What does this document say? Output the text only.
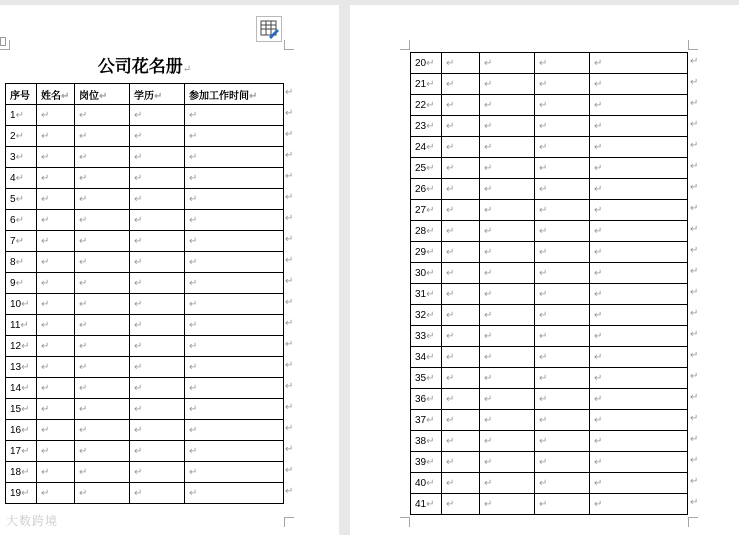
公司花名册↵
序号	姓名↵	岗位↵	学历↵	参加工作时间↵
1↵	↵	↵	↵	↵
2↵	↵	↵	↵	↵
3↵	↵	↵	↵	↵
4↵	↵	↵	↵	↵
5↵	↵	↵	↵	↵
6↵	↵	↵	↵	↵
7↵	↵	↵	↵	↵
8↵	↵	↵	↵	↵
9↵	↵	↵	↵	↵
10↵	↵	↵	↵	↵
11↵	↵	↵	↵	↵
12↵	↵	↵	↵	↵
13↵	↵	↵	↵	↵
14↵	↵	↵	↵	↵
15↵	↵	↵	↵	↵
16↵	↵	↵	↵	↵
17↵	↵	↵	↵	↵
18↵	↵	↵	↵	↵
19↵	↵	↵	↵	↵
20↵	↵	↵	↵	↵
21↵	↵	↵	↵	↵
22↵	↵	↵	↵	↵
23↵	↵	↵	↵	↵
24↵	↵	↵	↵	↵
25↵	↵	↵	↵	↵
26↵	↵	↵	↵	↵
27↵	↵	↵	↵	↵
28↵	↵	↵	↵	↵
29↵	↵	↵	↵	↵
30↵	↵	↵	↵	↵
31↵	↵	↵	↵	↵
32↵	↵	↵	↵	↵
33↵	↵	↵	↵	↵
34↵	↵	↵	↵	↵
35↵	↵	↵	↵	↵
36↵	↵	↵	↵	↵
37↵	↵	↵	↵	↵
38↵	↵	↵	↵	↵
39↵	↵	↵	↵	↵
40↵	↵	↵	↵	↵
41↵	↵	↵	↵	↵
↵
↵
↵
↵
↵
↵
↵
↵
↵
↵
↵
↵
↵
↵
↵
↵
↵
↵
↵
↵
↵
↵
↵
↵
↵
↵
↵
↵
↵
↵
↵
↵
↵
↵
↵
↵
↵
↵
↵
↵
↵
↵
大数跨境
